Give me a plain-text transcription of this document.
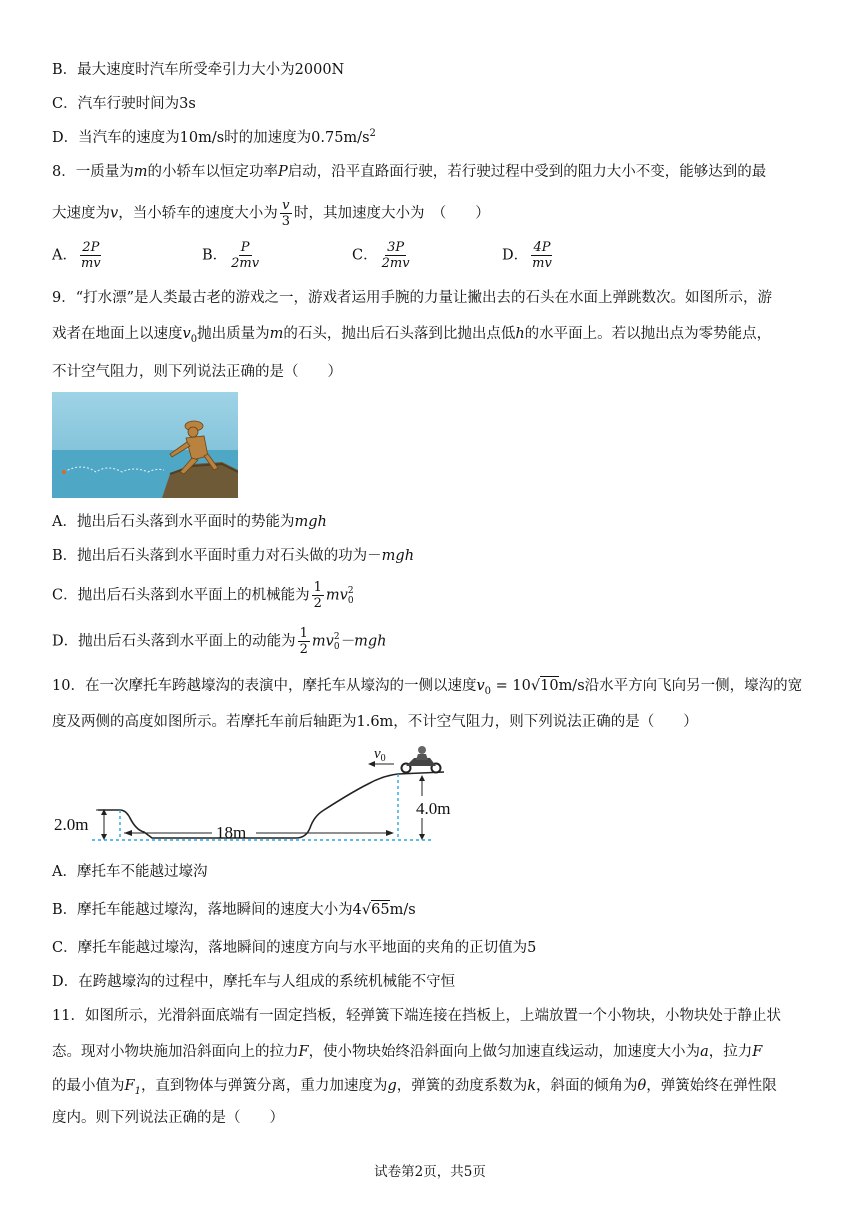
B．最大速度时汽车所受牵引力大小为2000N
C．汽车行驶时间为3s
D．当汽车的速度为10m/s时的加速度为$0.75m/s^2$
8．一质量为m的小轿车以恒定功率P启动，沿平直路面行驶，若行驶过程中受到的阻力大小不变，能够达到的最
大速度为v，当小轿车的速度大小为 $\frac{v}{3}$ 时，其加速度大小为　（　　）
A． $\frac{2P}{mv}$	B． $\frac{P}{2mv}$	C． $\frac{3P}{2mv}$	D． $\frac{4P}{mv}$
9．“打水漂”是人类最古老的游戏之一，游戏者运用手腕的力量让撇出去的石头在水面上弹跳数次。如图所示，游
戏者在地面上以速度$v_0$抛出质量为m的石头，抛出后石头落到比抛出点低h的水平面上。若以抛出点为零势能点，
不计空气阻力，则下列说法正确的是（　　）
A．抛出后石头落到水平面时的势能为mgh
B．抛出后石头落到水平面时重力对石头做的功为－mgh
C．抛出后石头落到水平面上的机械能为 $\frac{1}{2}$ mv 2
0
D．抛出后石头落到水平面上的动能为 $\frac{1}{2}$ mv 2
0 －mgh
10．在一次摩托车跨越壕沟的表演中，摩托车从壕沟的一侧以速度$v_0 = 10√10m/s$沿水平方向飞向另一侧，壕沟的宽
度及两侧的高度如图所示。若摩托车前后轴距为1.6m，不计空气阻力，则下列说法正确的是（　　）
2.0m	18m
4.0m
$v_0$
A．摩托车不能越过壕沟
B．摩托车能越过壕沟，落地瞬间的速度大小为4√65m/s
C．摩托车能越过壕沟，落地瞬间的速度方向与水平地面的夹角的正切值为5
D．在跨越壕沟的过程中，摩托车与人组成的系统机械能不守恒
11．如图所示，光滑斜面底端有一固定挡板，轻弹簧下端连接在挡板上，上端放置一个小物块，小物块处于静止状
态。现对小物块施加沿斜面向上的拉力F，使小物块始终沿斜面向上做匀加速直线运动，加速度大小为a，拉力F
的最小值为$F_1$，直到物体与弹簧分离，重力加速度为g，弹簧的劲度系数为k，斜面的倾角为θ，弹簧始终在弹性限
度内。则下列说法正确的是（　　）
试卷第2页，共5页
